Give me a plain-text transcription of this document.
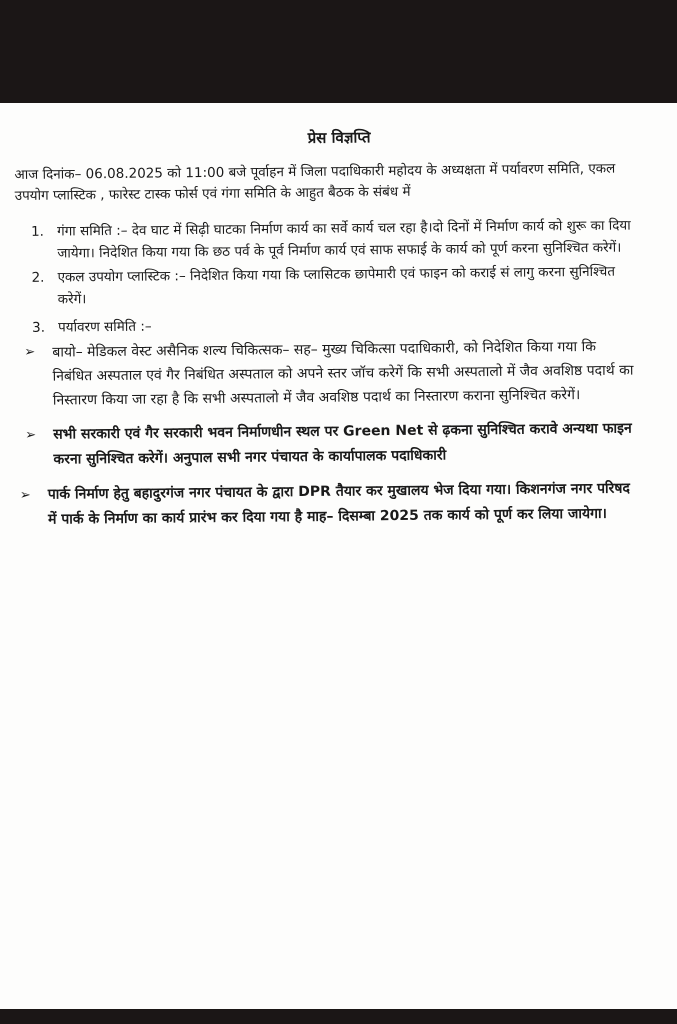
प्रेस विज्ञप्ति
आज दिनांक– 06.08.2025 को 11:00 बजे पूर्वाहन में जिला पदाधिकारी महोदय के अध्यक्षता में पर्यावरण समिति, एकल उपयोग प्लास्टिक , फारेस्ट टास्क फोर्स एवं गंगा समिति के आहुत बैठक के संबंध में
1. गंगा समिति :– देव घाट में सिढ़ी घाटका निर्माण कार्य का सर्वे कार्य चल रहा है।दो दिनों में निर्माण कार्य को शुरू का दिया जायेगा। निदेशित किया गया कि छठ पर्व के पूर्व निर्माण कार्य एवं साफ सफाई के कार्य को पूर्ण करना सुनिश्चित करेगें।
2. एकल उपयोग प्लास्टिक :– निदेशित किया गया कि प्लासिटक छापेमारी एवं फाइन को कराई सं लागु करना सुनिश्चित करेगें।
3. पर्यावरण समिति :–
➢ बायो– मेडिकल वेस्ट असैनिक शल्य चिकित्सक– सह– मुख्य चिकित्सा पदाधिकारी, को निदेशित किया गया कि निबंधित अस्पताल एवं गैर निबंधित अस्पताल को अपने स्तर जॉच करेगें कि सभी अस्पतालो में जैव अवशिष्ठ पदार्थ का निस्तारण किया जा रहा है कि सभी अस्पतालो में जैव अवशिष्ठ पदार्थ का निस्तारण कराना सुनिश्चित करेगें।
➢ सभी सरकारी एवं गैर सरकारी भवन निर्माणधीन स्थल पर Green Net से ढ़कना सुनिश्चित करावे अन्यथा फाइन करना सुनिश्चित करेगें। अनुपाल सभी नगर पंचायत के कार्यापालक पदाधिकारी
➢ पार्क निर्माण हेतु बहादुरगंज नगर पंचायत के द्वारा DPR तैयार कर मुखालय भेज दिया गया। किशनगंज नगर परिषद में पार्क के निर्माण का कार्य प्रारंभ कर दिया गया है माह– दिसम्बा 2025 तक कार्य को पूर्ण कर लिया जायेगा।
